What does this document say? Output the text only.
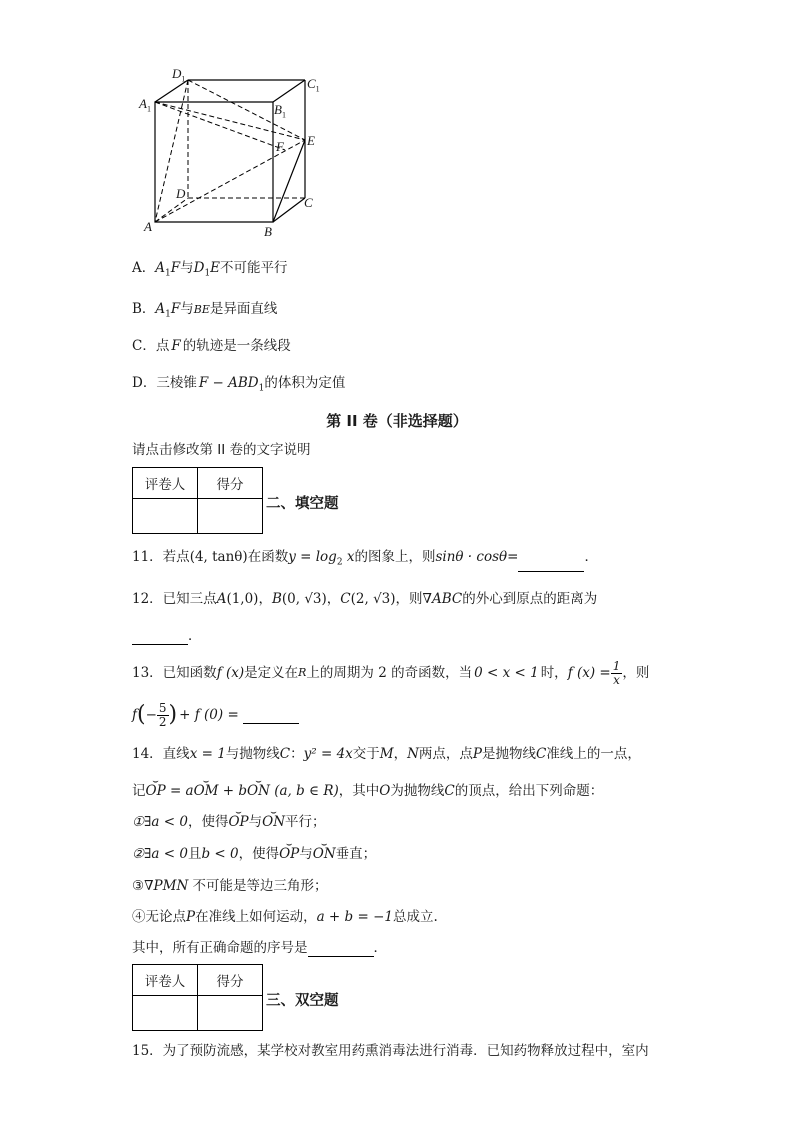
$D_1$	$C_1$
$A_1$	$B_1$
E
F
D
C
A	B
A．$A_1F$与$D_1E$不可能平行
B．$A_1F$与BE是异面直线
C．点 F 的轨迹是一条线段
D．三棱锥 $F - ABD_1$的体积为定值
第 II 卷（非选择题）
请点击修改第 II 卷的文字说明
评卷人	得分

二、填空题
11．若点(4, tanθ)在函数$y = \log_2 x$的图象上，则sinθ · cosθ=	．
12．已知三点A(1,0)，B(0, √3)，C(2, √3)，则∇ABC的外心到原点的距离为
．
13．已知函数 f (x) 是定义在 R 上的周期为 2 的奇函数，当 0 < x < 1 时， f $(x) = \frac{1}{x}$ ，则
f ( − $\frac{5}{2}$ ) + f (0) =
14．直线x = 1与抛物线C：y² = 4x交于M，N两点，点P是抛物线C准线上的一点，
记⌣ OP = a⌣ OM + b⌣ ON (a, b ∈ R)，其中O为抛物线C的顶点，给出下列命题：
①∃a < 0，使得⌣ OP与⌣ ON平行；
②∃a < 0且b < 0，使得⌣ OP与⌣ ON垂直；
③∇PMN 不可能是等边三角形；
④无论点P在准线上如何运动，a + b = −1总成立.
其中，所有正确命题的序号是	．
评卷人	得分

三、双空题
15．为了预防流感，某学校对教室用药熏消毒法进行消毒．已知药物释放过程中，室内
